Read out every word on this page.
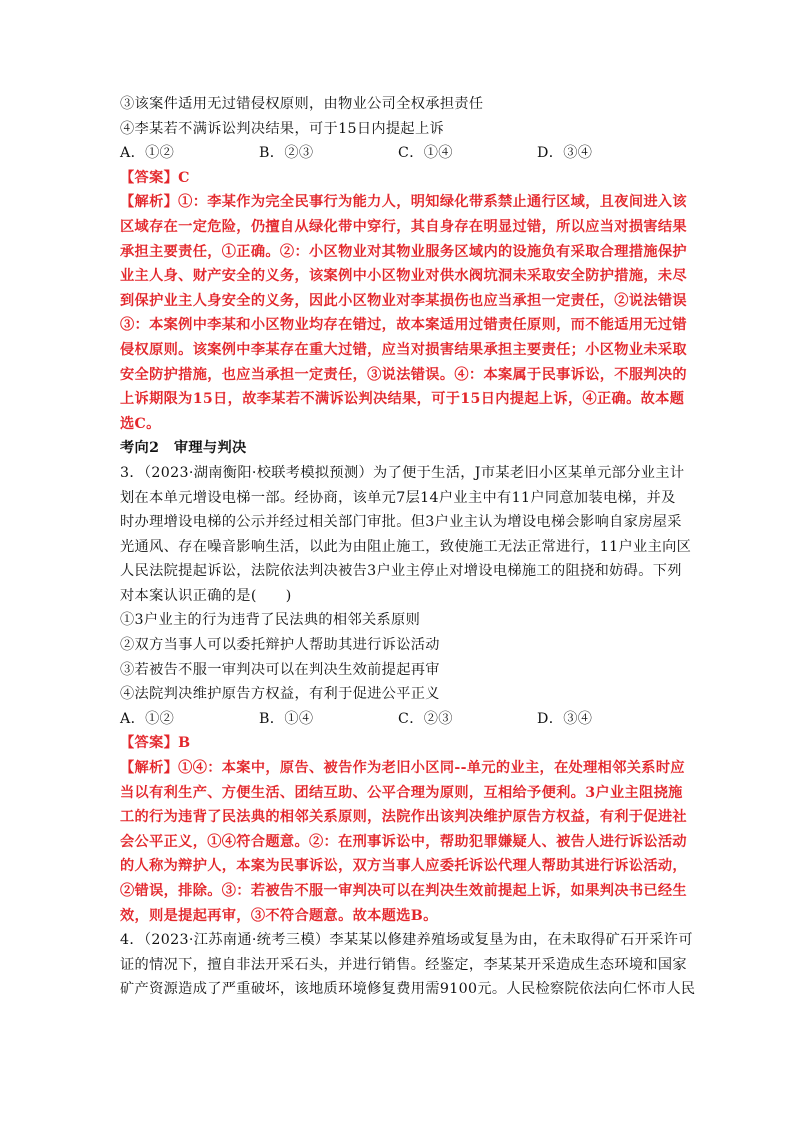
③该案件适用无过错侵权原则，由物业公司全权承担责任

④李某若不满诉讼判决结果，可于15日内提起上诉

A．①②	B．②③	C．①④	D．③④

【答案】C

【解析】①：李某作为完全民事行为能力人，明知绿化带系禁止通行区域，且夜间进入该

区域存在一定危险，仍擅自从绿化带中穿行，其自身存在明显过错，所以应当对损害结果

承担主要责任，①正确。②：小区物业对其物业服务区域内的设施负有采取合理措施保护

业主人身、财产安全的义务，该案例中小区物业对供水阀坑洞未采取安全防护措施，未尽

到保护业主人身安全的义务，因此小区物业对李某损伤也应当承担一定责任，②说法错误

③：本案例中李某和小区物业均存在错过，故本案适用过错责任原则，而不能适用无过错

侵权原则。该案例中李某存在重大过错，应当对损害结果承担主要责任；小区物业未采取

安全防护措施，也应当承担一定责任，③说法错误。④：本案属于民事诉讼，不服判决的

上诉期限为15日，故李某若不满诉讼判决结果，可于15日内提起上诉，④正确。故本题

选C。

考向2　审理与判决

3．（2023·湖南衡阳·校联考模拟预测）为了便于生活，J市某老旧小区某单元部分业主计

划在本单元增设电梯一部。经协商，该单元7层14户业主中有11户同意加装电梯，并及

时办理增设电梯的公示并经过相关部门审批。但3户业主认为增设电梯会影响自家房屋采

光通风、存在噪音影响生活，以此为由阻止施工，致使施工无法正常进行，11户业主向区

人民法院提起诉讼，法院依法判决被告3户业主停止对增设电梯施工的阻挠和妨碍。下列

对本案认识正确的是(　　)

①3户业主的行为违背了民法典的相邻关系原则

②双方当事人可以委托辩护人帮助其进行诉讼活动

③若被告不服一审判决可以在判决生效前提起再审

④法院判决维护原告方权益，有利于促进公平正义

A．①②	B．①④	C．②③	D．③④

【答案】B

【解析】①④：本案中，原告、被告作为老旧小区同--单元的业主，在处理相邻关系时应

当以有利生产、方便生活、团结互助、公平合理为原则，互相给予便利。3户业主阻挠施

工的行为违背了民法典的相邻关系原则，法院作出该判决维护原告方权益，有利于促进社

会公平正义，①④符合题意。②：在刑事诉讼中，帮助犯罪嫌疑人、被告人进行诉讼活动

的人称为辩护人，本案为民事诉讼，双方当事人应委托诉讼代理人帮助其进行诉讼活动，

②错误，排除。③：若被告不服一审判决可以在判决生效前提起上诉，如果判决书已经生

效，则是提起再审，③不符合题意。故本题选B。

4．（2023·江苏南通·统考三模）李某某以修建养殖场或复垦为由，在未取得矿石开采许可

证的情况下，擅自非法开采石头，并进行销售。经鉴定，李某某开采造成生态环境和国家

矿产资源造成了严重破坏，该地质环境修复费用需9100元。人民检察院依法向仁怀市人民
